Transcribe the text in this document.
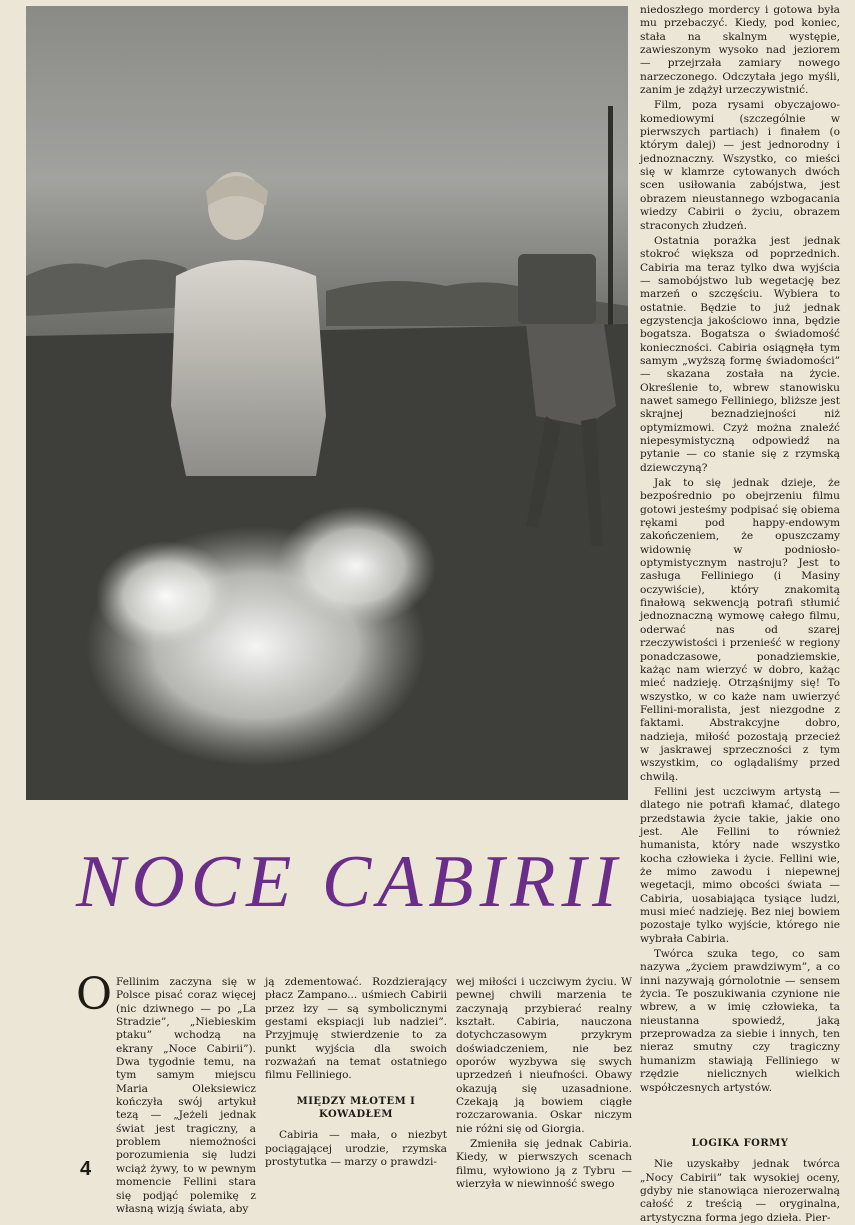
niedoszłego mordercy i gotowa była mu przebaczyć. Kiedy, pod koniec, stała na skalnym występie, zawieszonym wysoko nad jeziorem — przejrzała zamiary nowego narzeczonego. Odczytała jego myśli, zanim je zdążył urzeczywistnić.

Film, poza rysami obyczajowo-komediowymi (szczególnie w pierwszych partiach) i finałem (o którym dalej) — jest jednorodny i jednoznaczny. Wszystko, co mieści się w klamrze cytowanych dwóch scen usiłowania zabójstwa, jest obrazem nieustannego wzbogacania wiedzy Cabirii o życiu, obrazem straconych złudzeń.

Ostatnia porażka jest jednak stokroć większa od poprzednich. Cabiria ma teraz tylko dwa wyjścia — samobójstwo lub wegetację bez marzeń o szczęściu. Wybiera to ostatnie. Będzie to już jednak egzystencja jakościowo inna, będzie bogatsza. Bogatsza o świadomość konieczności. Cabiria osiągnęła tym samym „wyższą formę świadomości” — skazana została na życie. Określenie to, wbrew stanowisku nawet samego Felliniego, bliższe jest skrajnej beznadziejności niż optymizmowi. Czyż można znaleźć niepesymistyczną odpowiedź na pytanie — co stanie się z rzymską dziewczyną?

Jak to się jednak dzieje, że bezpośrednio po obejrzeniu filmu gotowi jesteśmy podpisać się obiema rękami pod happy-endowym zakończeniem, że opuszczamy widownię w podniosło-optymistycznym nastroju? Jest to zasługa Felliniego (i Masiny oczywiście), który znakomitą finałową sekwencją potrafi stłumić jednoznaczną wymowę całego filmu, oderwać nas od szarej rzeczywistości i przenieść w regiony ponadczasowe, ponadziemskie, każąc nam wierzyć w dobro, każąc mieć nadzieję. Otrząśnijmy się! To wszystko, w co każe nam uwierzyć Fellini-moralista, jest niezgodne z faktami. Abstrakcyjne dobro, nadzieja, miłość pozostają przecież w jaskrawej sprzeczności z tym wszystkim, co oglądaliśmy przed chwilą.

Fellini jest uczciwym artystą — dlatego nie potrafi kłamać, dlatego przedstawia życie takie, jakie ono jest. Ale Fellini to również humanista, który nade wszystko kocha człowieka i życie. Fellini wie, że mimo zawodu i niepewnej wegetacji, mimo obcości świata — Cabiria, uosabiająca tysiące ludzi, musi mieć nadzieję. Bez niej bowiem pozostaje tylko wyjście, którego nie wybrała Cabiria.

Twórca szuka tego, co sam nazywa „życiem prawdziwym”, a co inni nazywają górnolotnie — sensem życia. Te poszukiwania czynione nie wbrew, a w imię człowieka, ta nieustanna spowiedź, jaką przeprowadza za siebie i innych, ten nieraz smutny czy tragiczny humanizm stawiają Felliniego w rzędzie nielicznych wielkich współczesnych artystów.

LOGIKA FORMY

Nie uzyskałby jednak twórca „Nocy Cabirii” tak wysokiej oceny, gdyby nie stanowiąca nierozerwalną całość z treścią — oryginalna, artystyczna forma jego dzieła. Pier-

NOCE CABIRII
O Fellinim zaczyna się w Polsce pisać coraz więcej (nic dziwnego — po „La Stradzie”, „Niebieskim ptaku” wchodzą na ekrany „Noce Cabirii”). Dwa tygodnie temu, na tym samym miejscu Maria Oleksiewicz kończyła swój artykuł tezą — „Jeżeli jednak świat jest tragiczny, a problem niemożności porozumienia się ludzi wciąż żywy, to w pewnym momencie Fellini stara się podjąć polemikę z własną wizją świata, aby

ją zdementować. Rozdzierający płacz Zampano... uśmiech Cabirii przez łzy — są symbolicznymi gestami ekspiacji lub nadziei”. Przyjmuję stwierdzenie to za punkt wyjścia dla swoich rozważań na temat ostatniego filmu Felliniego.

MIĘDZY MŁOTEM I KOWADŁEM

Cabiria — mała, o niezbyt pociągającej urodzie, rzymska prostytutka — marzy o prawdzi-

wej miłości i uczciwym życiu. W pewnej chwili marzenia te zaczynają przybierać realny kształt. Cabiria, nauczona dotychczasowym przykrym doświadczeniem, nie bez oporów wyzbywa się swych uprzedzeń i nieufności. Obawy okazują się uzasadnione. Czekają ją bowiem ciągłe rozczarowania. Oskar niczym nie różni się od Giorgia.

Zmieniła się jednak Cabiria. Kiedy, w pierwszych scenach filmu, wyłowiono ją z Tybru — wierzyła w niewinność swego

4
